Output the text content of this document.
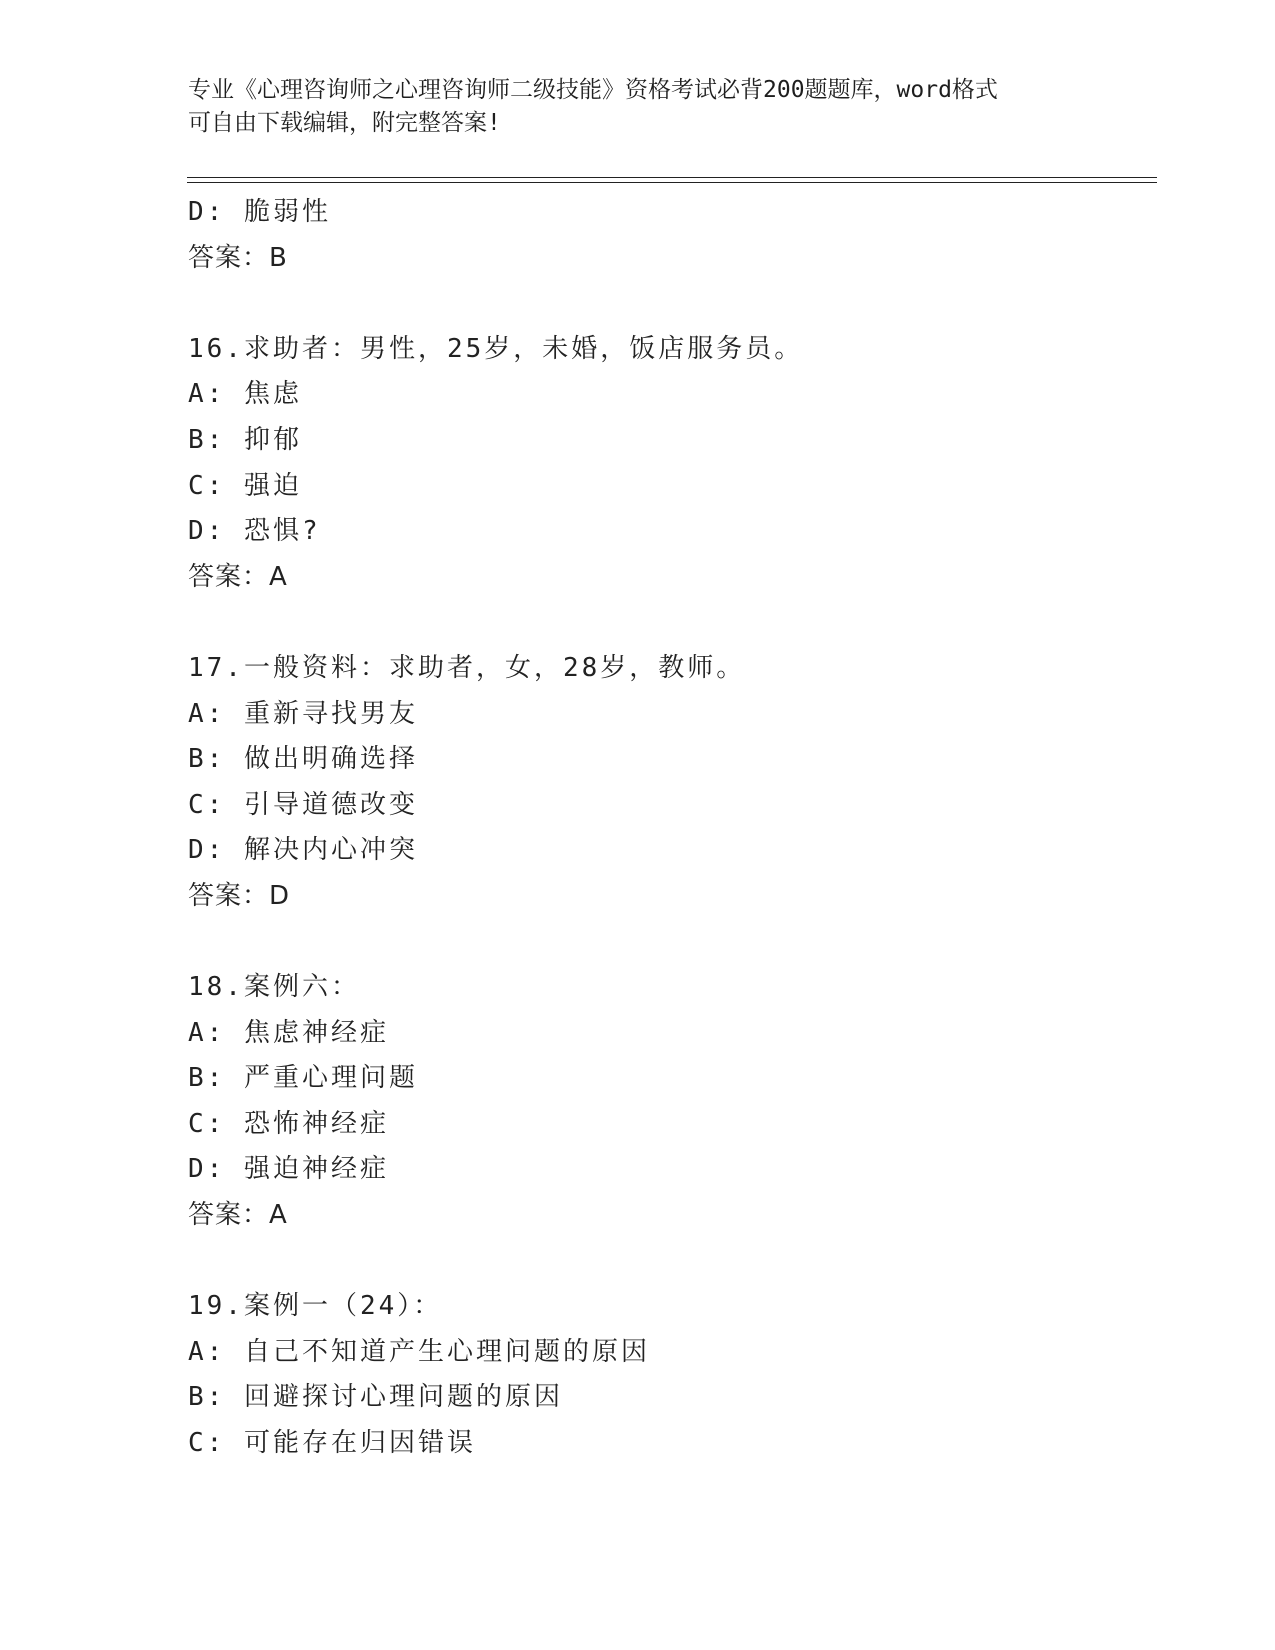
专业《心理咨询师之心理咨询师二级技能》资格考试必背200题题库，word格式
可自由下载编辑，附完整答案!
D: 脆弱性
答案：B
16.求助者：男性，25岁，未婚，饭店服务员。
A: 焦虑
B: 抑郁
C: 强迫
D: 恐惧?
答案：A
17.一般资料：求助者，女，28岁，教师。
A: 重新寻找男友
B: 做出明确选择
C: 引导道德改变
D: 解决内心冲突
答案：D
18.案例六：
A: 焦虑神经症
B: 严重心理问题
C: 恐怖神经症
D: 强迫神经症
答案：A
19.案例一（24）：
A: 自己不知道产生心理问题的原因
B: 回避探讨心理问题的原因
C: 可能存在归因错误
